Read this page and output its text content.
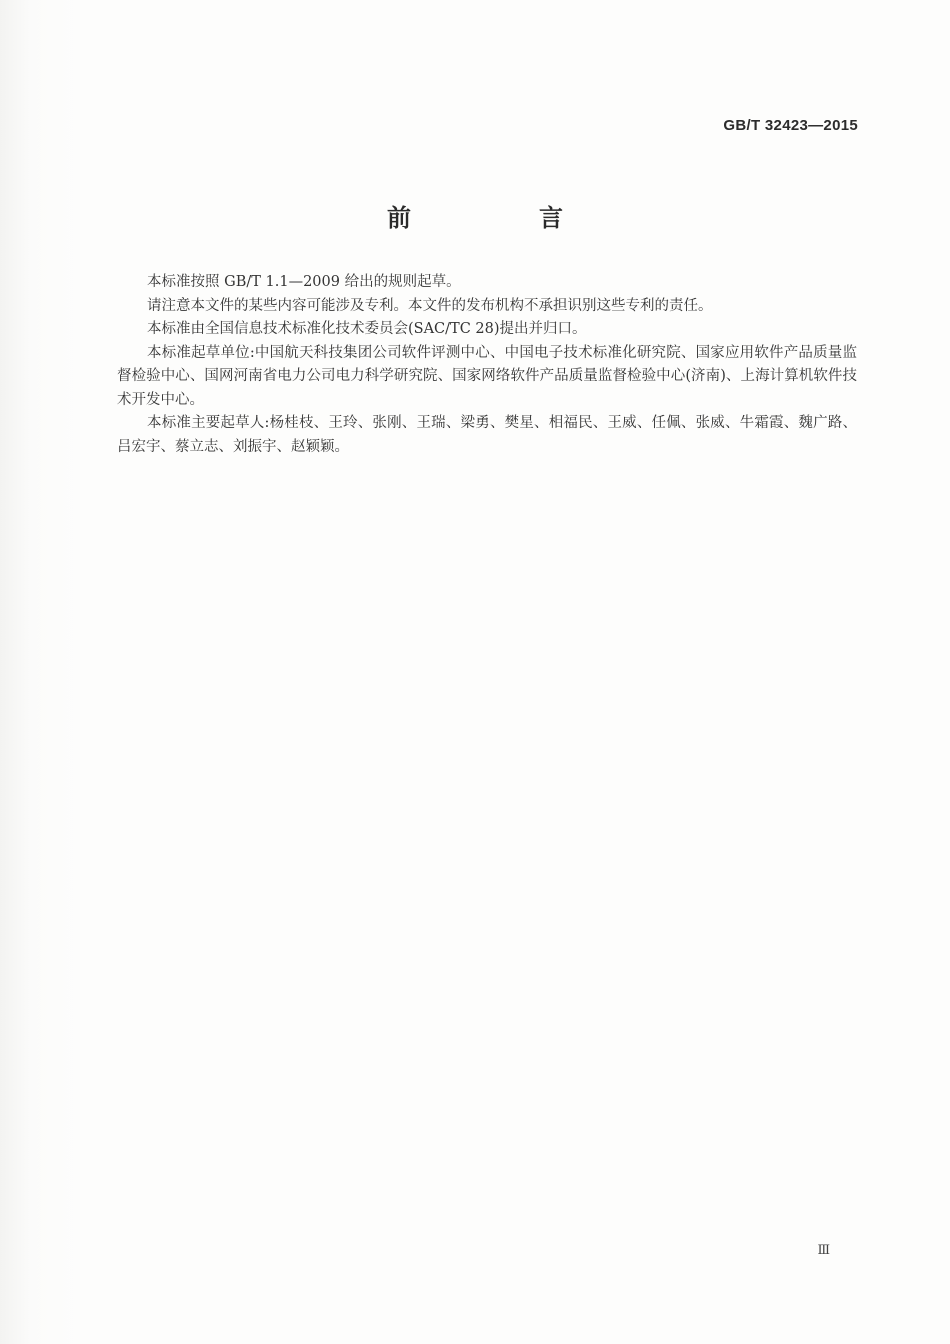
GB/T 32423—2015
前　言

本标准按照 GB/T 1.1—2009 给出的规则起草。

请注意本文件的某些内容可能涉及专利。本文件的发布机构不承担识别这些专利的责任。

本标准由全国信息技术标准化技术委员会(SAC/TC 28)提出并归口。

本标准起草单位:中国航天科技集团公司软件评测中心、中国电子技术标准化研究院、国家应用软件产品质量监督检验中心、国网河南省电力公司电力科学研究院、国家网络软件产品质量监督检验中心(济南)、上海计算机软件技术开发中心。

本标准主要起草人:杨桂枝、王玲、张刚、王瑞、梁勇、樊星、相福民、王威、任佩、张威、牛霜霞、魏广路、吕宏宇、蔡立志、刘振宇、赵颖颖。

Ⅲ
